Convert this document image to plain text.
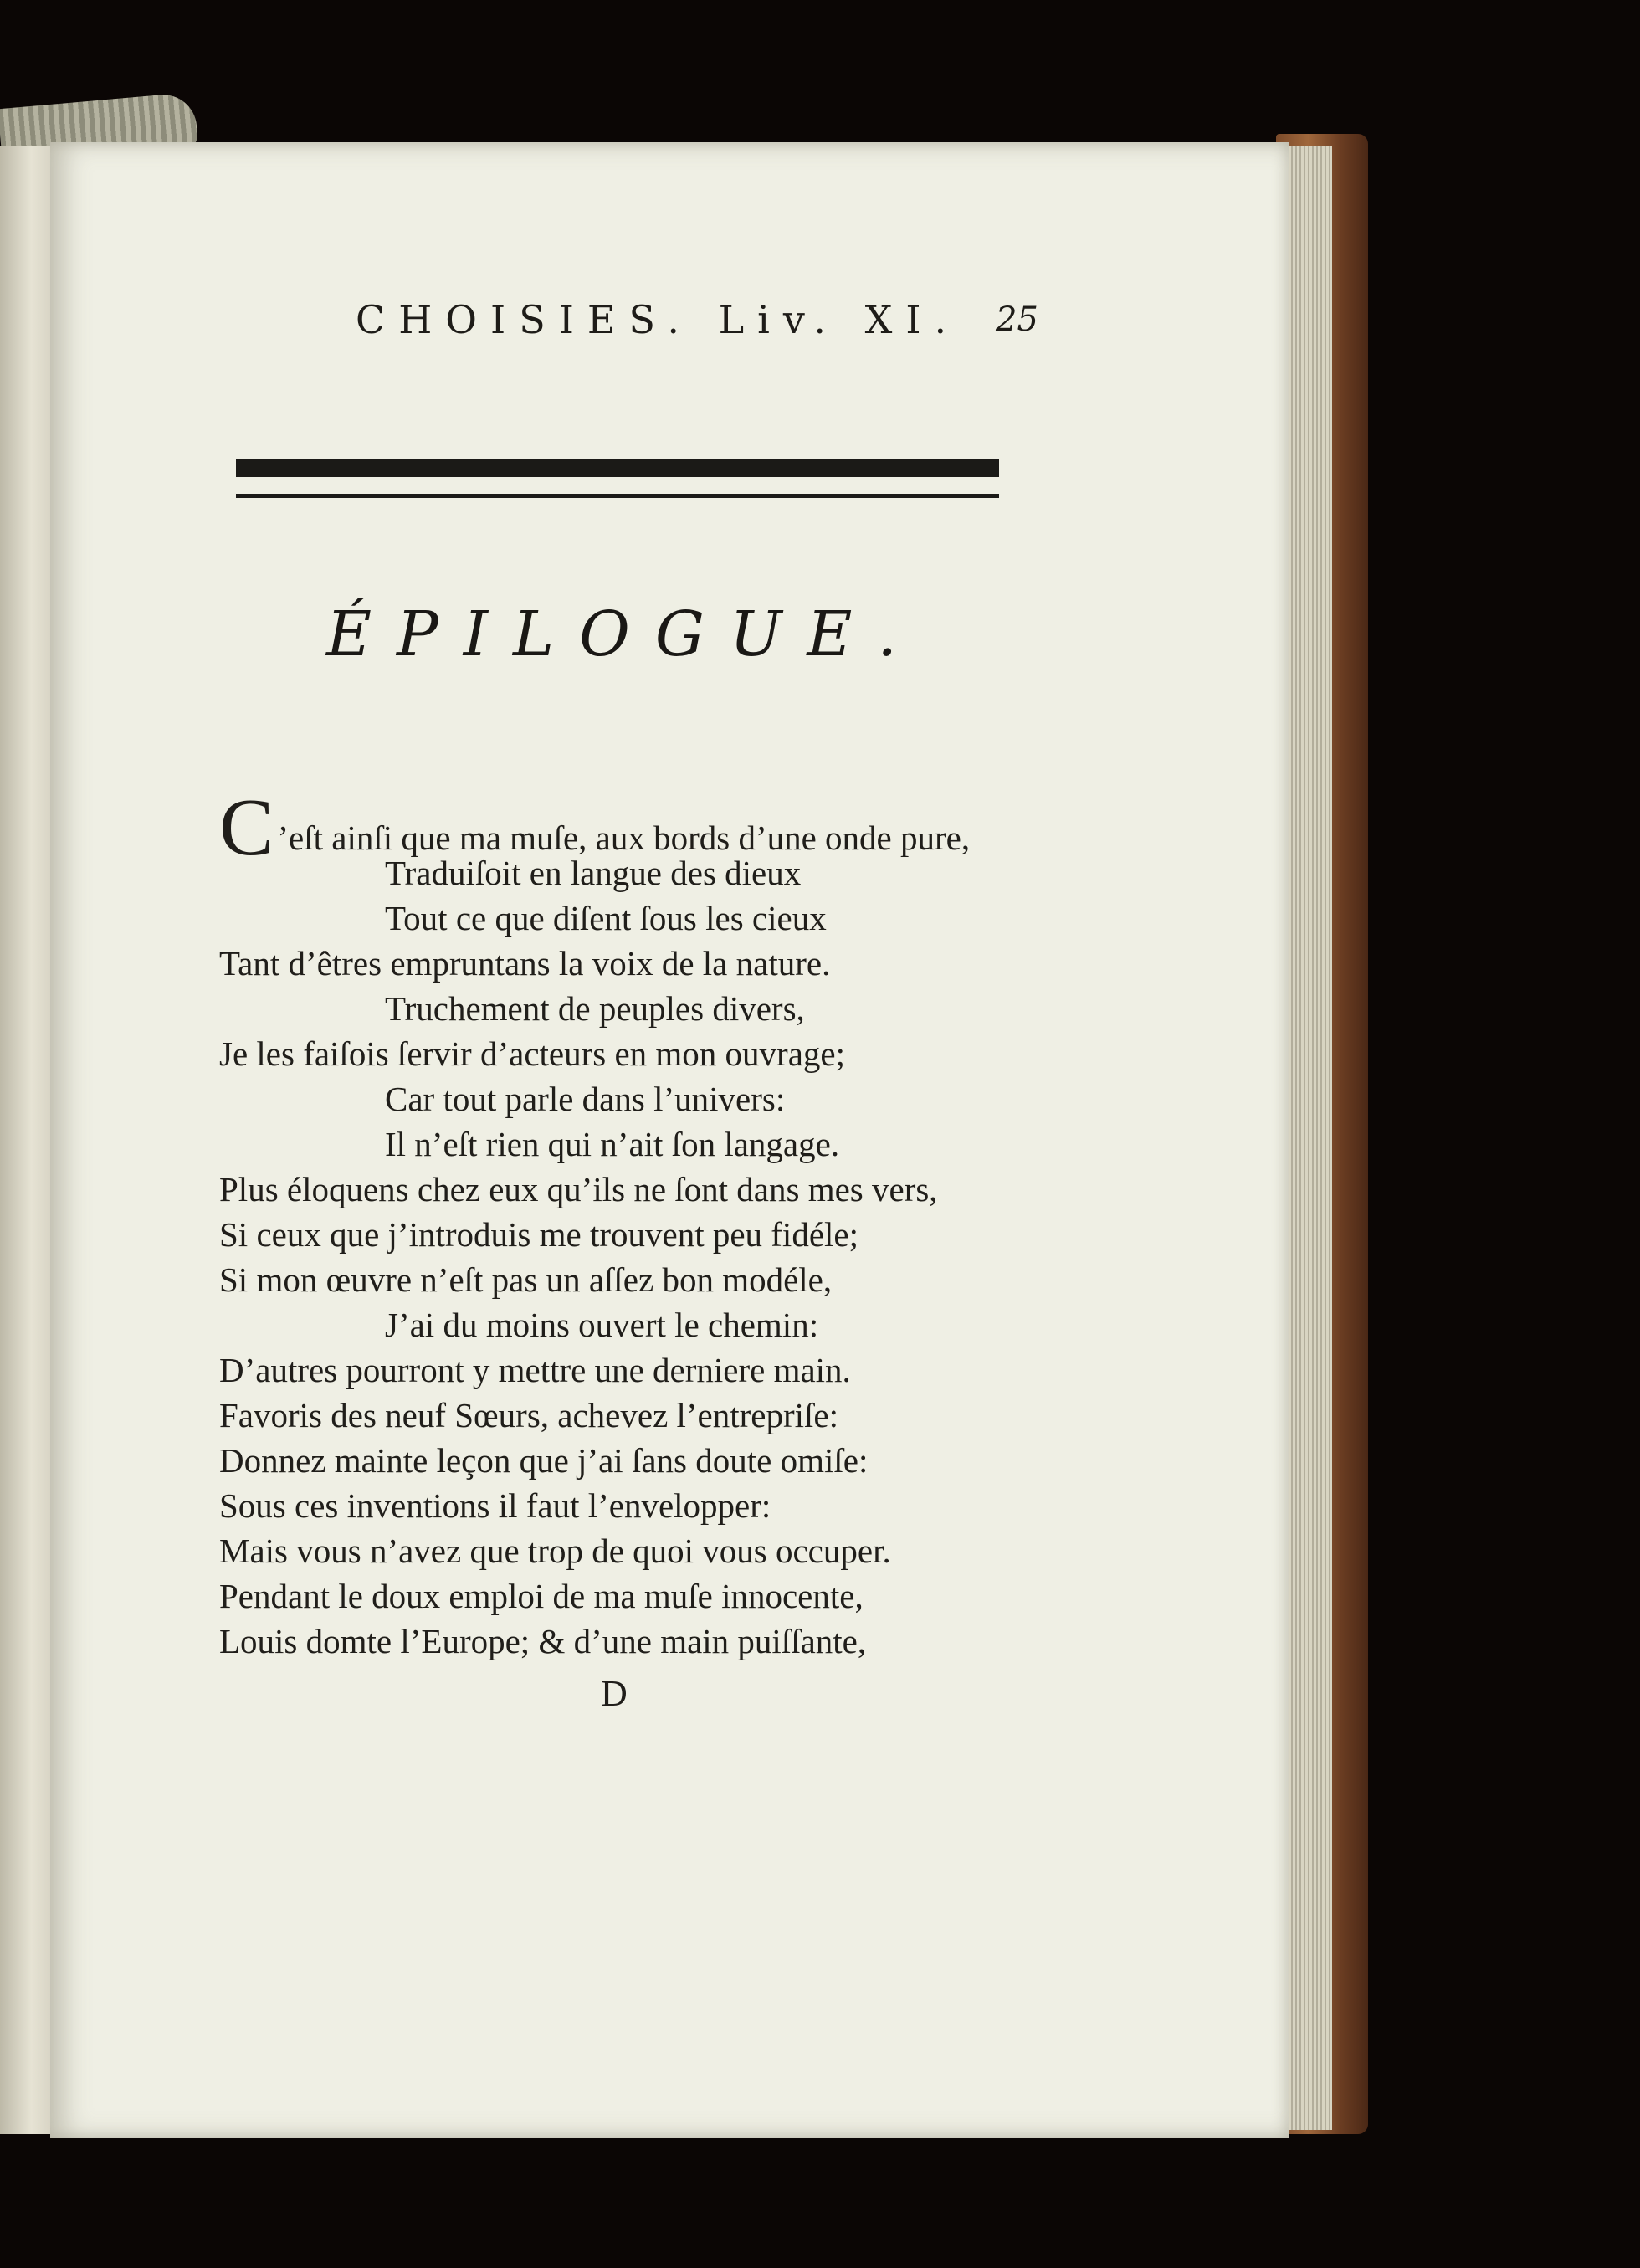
CHOISIES. Liv. XI. 25
ÉPILOGUE.
C’eſt ainſi que ma muſe, aux bords d’une onde pure,
Traduiſoit en langue des dieux
Tout ce que diſent ſous les cieux
Tant d’êtres empruntans la voix de la nature.
Truchement de peuples divers,
Je les faiſois ſervir d’acteurs en mon ouvrage;
Car tout parle dans l’univers:
Il n’eſt rien qui n’ait ſon langage.
Plus éloquens chez eux qu’ils ne ſont dans mes vers,
Si ceux que j’introduis me trouvent peu fidéle;
Si mon œuvre n’eſt pas un aſſez bon modéle,
J’ai du moins ouvert le chemin:
D’autres pourront y mettre une derniere main.
Favoris des neuf Sœurs, achevez l’entrepriſe:
Donnez mainte leçon que j’ai ſans doute omiſe:
Sous ces inventions il faut l’envelopper:
Mais vous n’avez que trop de quoi vous occuper.
Pendant le doux emploi de ma muſe innocente,
Louis domte l’Europe; & d’une main puiſſante,
D
